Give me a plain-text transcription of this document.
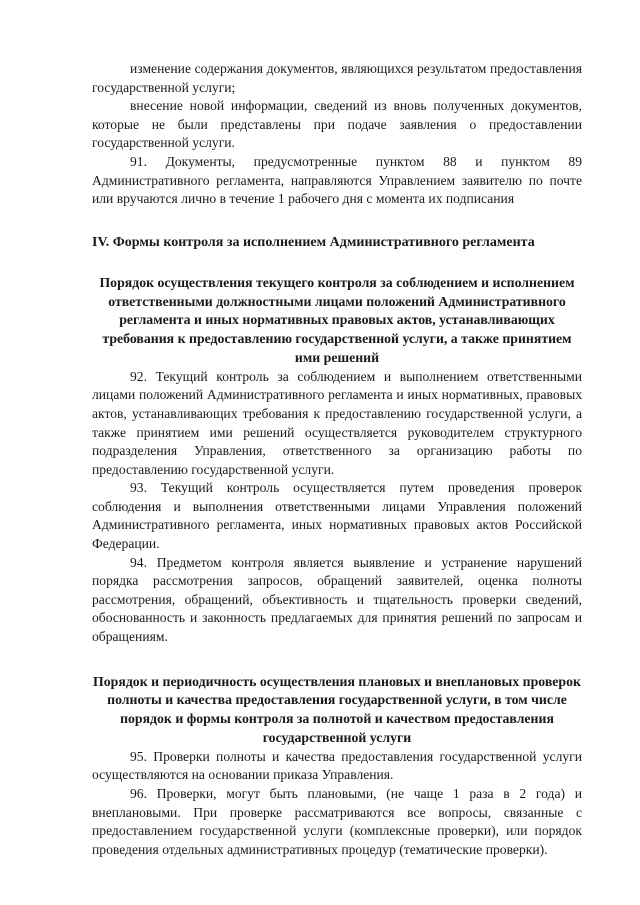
изменение содержания документов, являющихся результатом предоставления государственной услуги;

внесение новой информации, сведений из вновь полученных документов, которые не были представлены при подаче заявления о предоставлении государственной услуги.

91. Документы, предусмотренные пунктом 88 и пунктом 89 Административного регламента, направляются Управлением заявителю по почте или вручаются лично в течение 1 рабочего дня с момента их подписания

IV. Формы контроля за исполнением Административного регламента
Порядок осуществления текущего контроля за соблюдением и исполнением ответственными должностными лицами положений Административного регламента и иных нормативных правовых актов, устанавливающих требования к предоставлению государственной услуги, а также принятием ими решений

92. Текущий контроль за соблюдением и выполнением ответственными лицами положений Административного регламента и иных нормативных, правовых актов, устанавливающих требования к предоставлению государственной услуги, а также принятием ими решений осуществляется руководителем структурного подразделения Управления, ответственного за организацию работы по предоставлению государственной услуги.

93. Текущий контроль осуществляется путем проведения проверок соблюдения и выполнения ответственными лицами Управления положений Административного регламента, иных нормативных правовых актов Российской Федерации.

94. Предметом контроля является выявление и устранение нарушений порядка рассмотрения запросов, обращений заявителей, оценка полноты рассмотрения, обращений, объективность и тщательность проверки сведений, обоснованность и законность предлагаемых для принятия решений по запросам и обращениям.

Порядок и периодичность осуществления плановых и внеплановых проверок полноты и качества предоставления государственной услуги, в том числе порядок и формы контроля за полнотой и качеством предоставления государственной услуги

95. Проверки полноты и качества предоставления государственной услуги осуществляются на основании приказа Управления.

96. Проверки, могут быть плановыми, (не чаще 1 раза в 2 года) и внеплановыми. При проверке рассматриваются все вопросы, связанные с предоставлением государственной услуги (комплексные проверки), или порядок проведения отдельных административных процедур (тематические проверки).
